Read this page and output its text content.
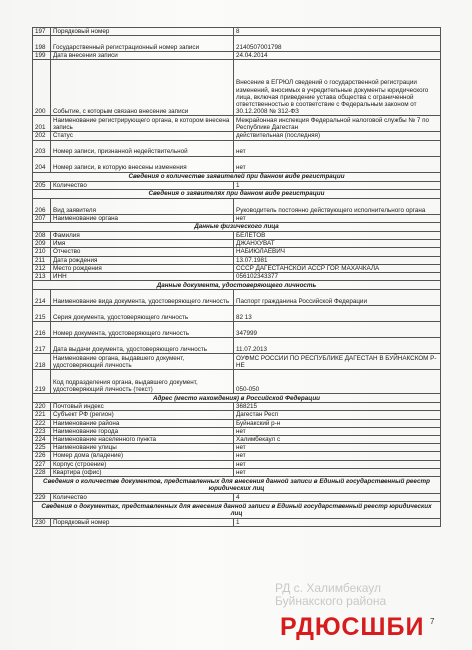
197	Порядковый номер	8
198	Государственный регистрационный номер записи	2140507001798
199	Дата внесения записи	24.04.2014
200	Событие, с которым связано внесение записи	Внесение в ЕГРЮЛ сведений о государственной регистрации изменений, вносимых в учредительные документы юридического лица, включая приведение устава общества с ограниченной ответственностью в соответствие с Федеральным законом от 30.12.2008 № 312-ФЗ
201	Наименование регистрирующего органа, в котором внесена запись	Межрайонная инспекция Федеральной налоговой службы № 7 по Республике Дагестан
202	Статус	действительная (последняя)
203	Номер записи, признанной недействительной	нет
204	Номер записи, в которую внесены изменения	нет
Сведения о количестве заявителей при данном виде регистрации		
205	Количество	1
Сведения о заявителях при данном виде регистрации		
206	Вид заявителя	Руководитель постоянно действующего исполнительного органа
207	Наименование органа	нет
Данные физического лица		
208	Фамилия	БЕЛЕТОВ
209	Имя	ДЖАНХУВАТ
210	Отчество	НАБИЮЛАЕВИЧ
211	Дата рождения	13.07.1981
212	Место рождения	СССР ДАГЕСТАНСКОЙ АССР ГОР. МАХАЧКАЛА
213	ИНН	056102343377
Данные документа, удостоверяющего личность		
214	Наименование вида документа, удостоверяющего личность	Паспорт гражданина Российской Федерации
215	Серия документа, удостоверяющего личность	82 13
216	Номер документа, удостоверяющего личность	347999
217	Дата выдачи документа, удостоверяющего личность	11.07.2013
218	Наименование органа, выдавшего документ, удостоверяющий личность	ОУФМС РОССИИ ПО РЕСПУБЛИКЕ ДАГЕСТАН В БУЙНАКСКОМ Р-НЕ
219	Код подразделения органа, выдавшего документ, удостоверяющий личность (текст)	050-050
Адрес (место нахождения) в Российской Федерации		
220	Почтовый индекс	368215
221	Субъект РФ (регион)	Дагестан Респ
222	Наименование района	Буйнакский р-н
223	Наименование города	нет
224	Наименование населенного пункта	Халимбекаул с
225	Наименование улицы	нет
226	Номер дома (владение)	нет
227	Корпус (строение)	нет
228	Квартира (офис)	нет
Сведения о количестве документов, представленных для внесения данной записи в Единый государственный реестр юридических лиц		
229	Количество	4
Сведения о документах, представленных для внесения данной записи в Единый государственный реестр юридических лиц		
230	Порядковый номер	1
РД с. Халимбекаул
Буйнакского района
РДЮСШБИ 7
